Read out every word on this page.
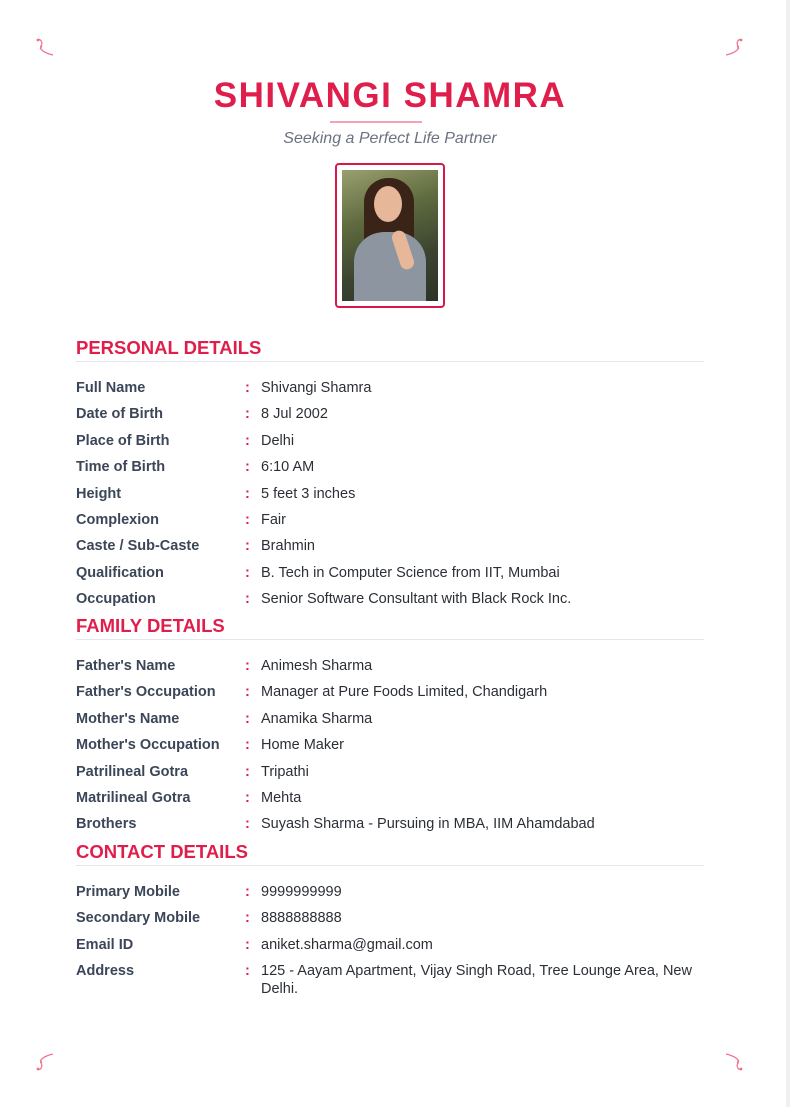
SHIVANGI SHAMRA
Seeking a Perfect Life Partner
PERSONAL DETAILS
Full Name	: Shivangi Shamra
Date of Birth	: 8 Jul 2002
Place of Birth	: Delhi
Time of Birth	: 6:10 AM
Height	: 5 feet 3 inches
Complexion	: Fair
Caste / Sub-Caste	: Brahmin
Qualification	: B. Tech in Computer Science from IIT, Mumbai
Occupation	: Senior Software Consultant with Black Rock Inc.
FAMILY DETAILS
Father's Name	: Animesh Sharma
Father's Occupation	: Manager at Pure Foods Limited, Chandigarh
Mother's Name	: Anamika Sharma
Mother's Occupation	: Home Maker
Patrilineal Gotra	: Tripathi
Matrilineal Gotra	: Mehta
Brothers	: Suyash Sharma - Pursuing in MBA, IIM Ahamdabad
CONTACT DETAILS
Primary Mobile	: 9999999999
Secondary Mobile	: 8888888888
Email ID	: aniket.sharma@gmail.com
Address	: 125 - Aayam Apartment, Vijay Singh Road, Tree Lounge Area, New Delhi.
